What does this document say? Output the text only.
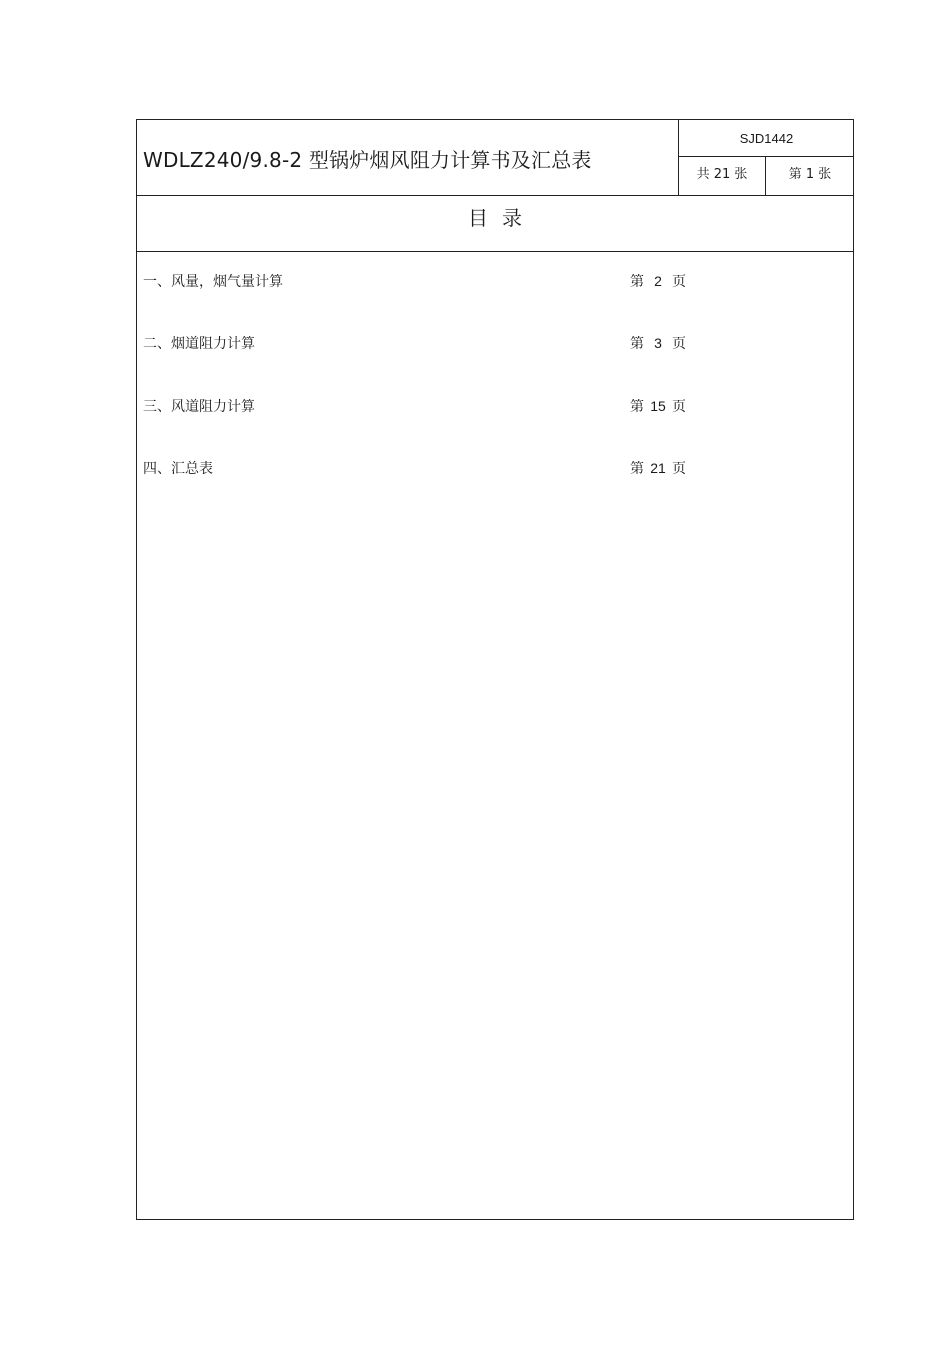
WDLZ240/9.8-2 型锅炉烟风阻力计算书及汇总表
SJD1442
共 21 张	第 1 张
目录
一、风量，烟气量计算	第 2 页
二、烟道阻力计算	第 3 页
三、风道阻力计算	第 15 页
四、汇总表	第 21 页
